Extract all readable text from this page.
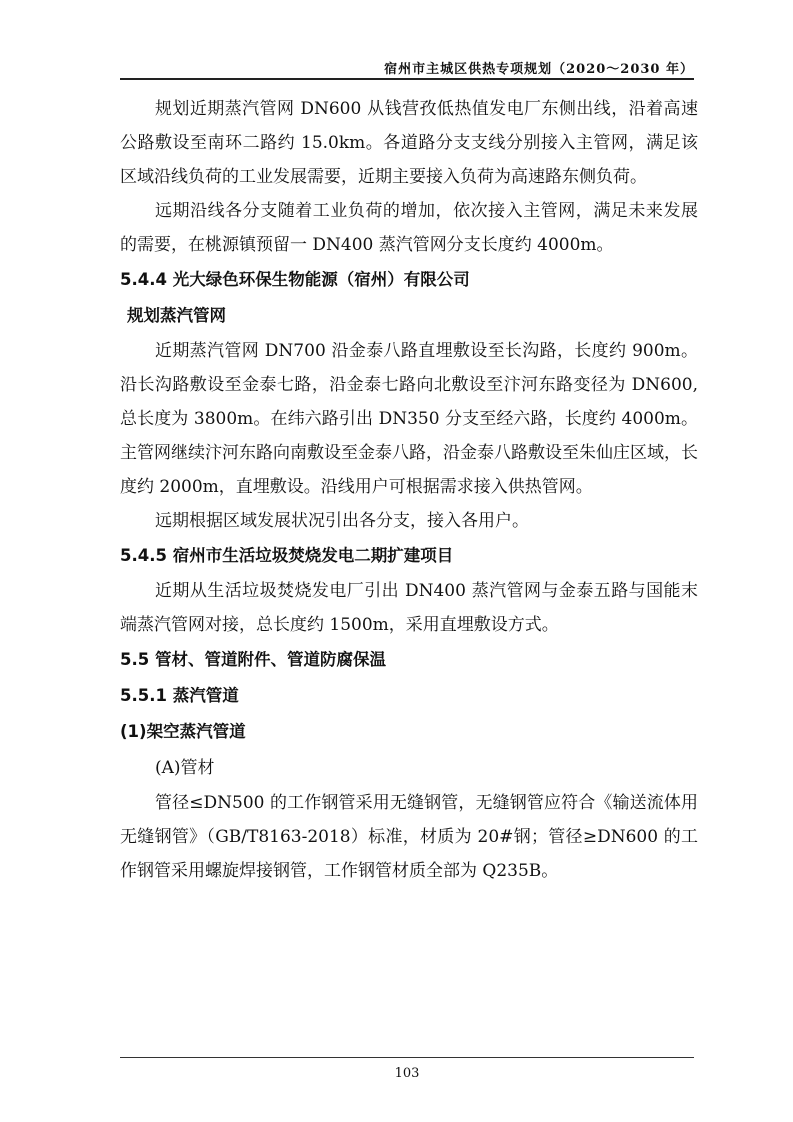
宿州市主城区供热专项规划（2020～2030 年）

规划近期蒸汽管网 DN600 从钱营孜低热值发电厂东侧出线，沿着高速公路敷设至南环二路约 15.0km。各道路分支支线分别接入主管网，满足该区域沿线负荷的工业发展需要，近期主要接入负荷为高速路东侧负荷。

远期沿线各分支随着工业负荷的增加，依次接入主管网，满足未来发展的需要，在桃源镇预留一 DN400 蒸汽管网分支长度约 4000m。

5.4.4 光大绿色环保生物能源（宿州）有限公司

规划蒸汽管网

近期蒸汽管网 DN700 沿金泰八路直埋敷设至长沟路，长度约 900m。沿长沟路敷设至金泰七路，沿金泰七路向北敷设至汴河东路变径为 DN600,总长度为 3800m。在纬六路引出 DN350 分支至经六路，长度约 4000m。主管网继续汴河东路向南敷设至金泰八路，沿金泰八路敷设至朱仙庄区域，长度约 2000m，直埋敷设。沿线用户可根据需求接入供热管网。

远期根据区域发展状况引出各分支，接入各用户。

5.4.5 宿州市生活垃圾焚烧发电二期扩建项目

近期从生活垃圾焚烧发电厂引出 DN400 蒸汽管网与金泰五路与国能末端蒸汽管网对接，总长度约 1500m，采用直埋敷设方式。

5.5 管材、管道附件、管道防腐保温

5.5.1 蒸汽管道

(1)架空蒸汽管道

(A)管材

管径≤DN500 的工作钢管采用无缝钢管，无缝钢管应符合《输送流体用无缝钢管》（GB/T8163-2018）标准，材质为 20#钢；管径≥DN600 的工作钢管采用螺旋焊接钢管，工作钢管材质全部为 Q235B。

103
